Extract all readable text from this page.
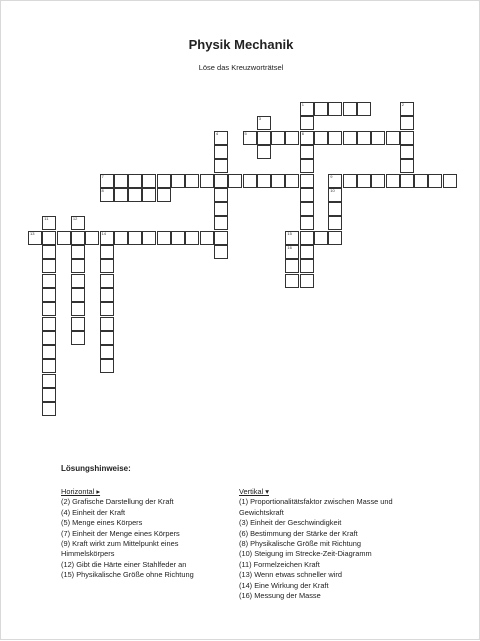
Physik Mechanik
Löse das Kreuzworträtsel
1	2
3
6
4	5
7
8
9
10
11	12
13	14	15
16
Lösungshinweise:
Horizontal ▸
(2) Grafische Darstellung der Kraft
(4) Einheit der Kraft
(5) Menge eines Körpers
(7) Einheit der Menge eines Körpers
(9) Kraft wirkt zum Mittelpunkt eines Himmelskörpers
(12) Gibt die Härte einer Stahlfeder an
(15) Physikalische Größe ohne Richtung
Vertikal ▾
(1) Proportionalitätsfaktor zwischen Masse und Gewichtskraft
(3) Einheit der Geschwindigkeit
(6) Bestimmung der Stärke der Kraft
(8) Physikalische Größe mit Richtung
(10) Steigung im Strecke-Zeit-Diagramm
(11) Formelzeichen Kraft
(13) Wenn etwas schneller wird
(14) Eine Wirkung der Kraft
(16) Messung der Masse
